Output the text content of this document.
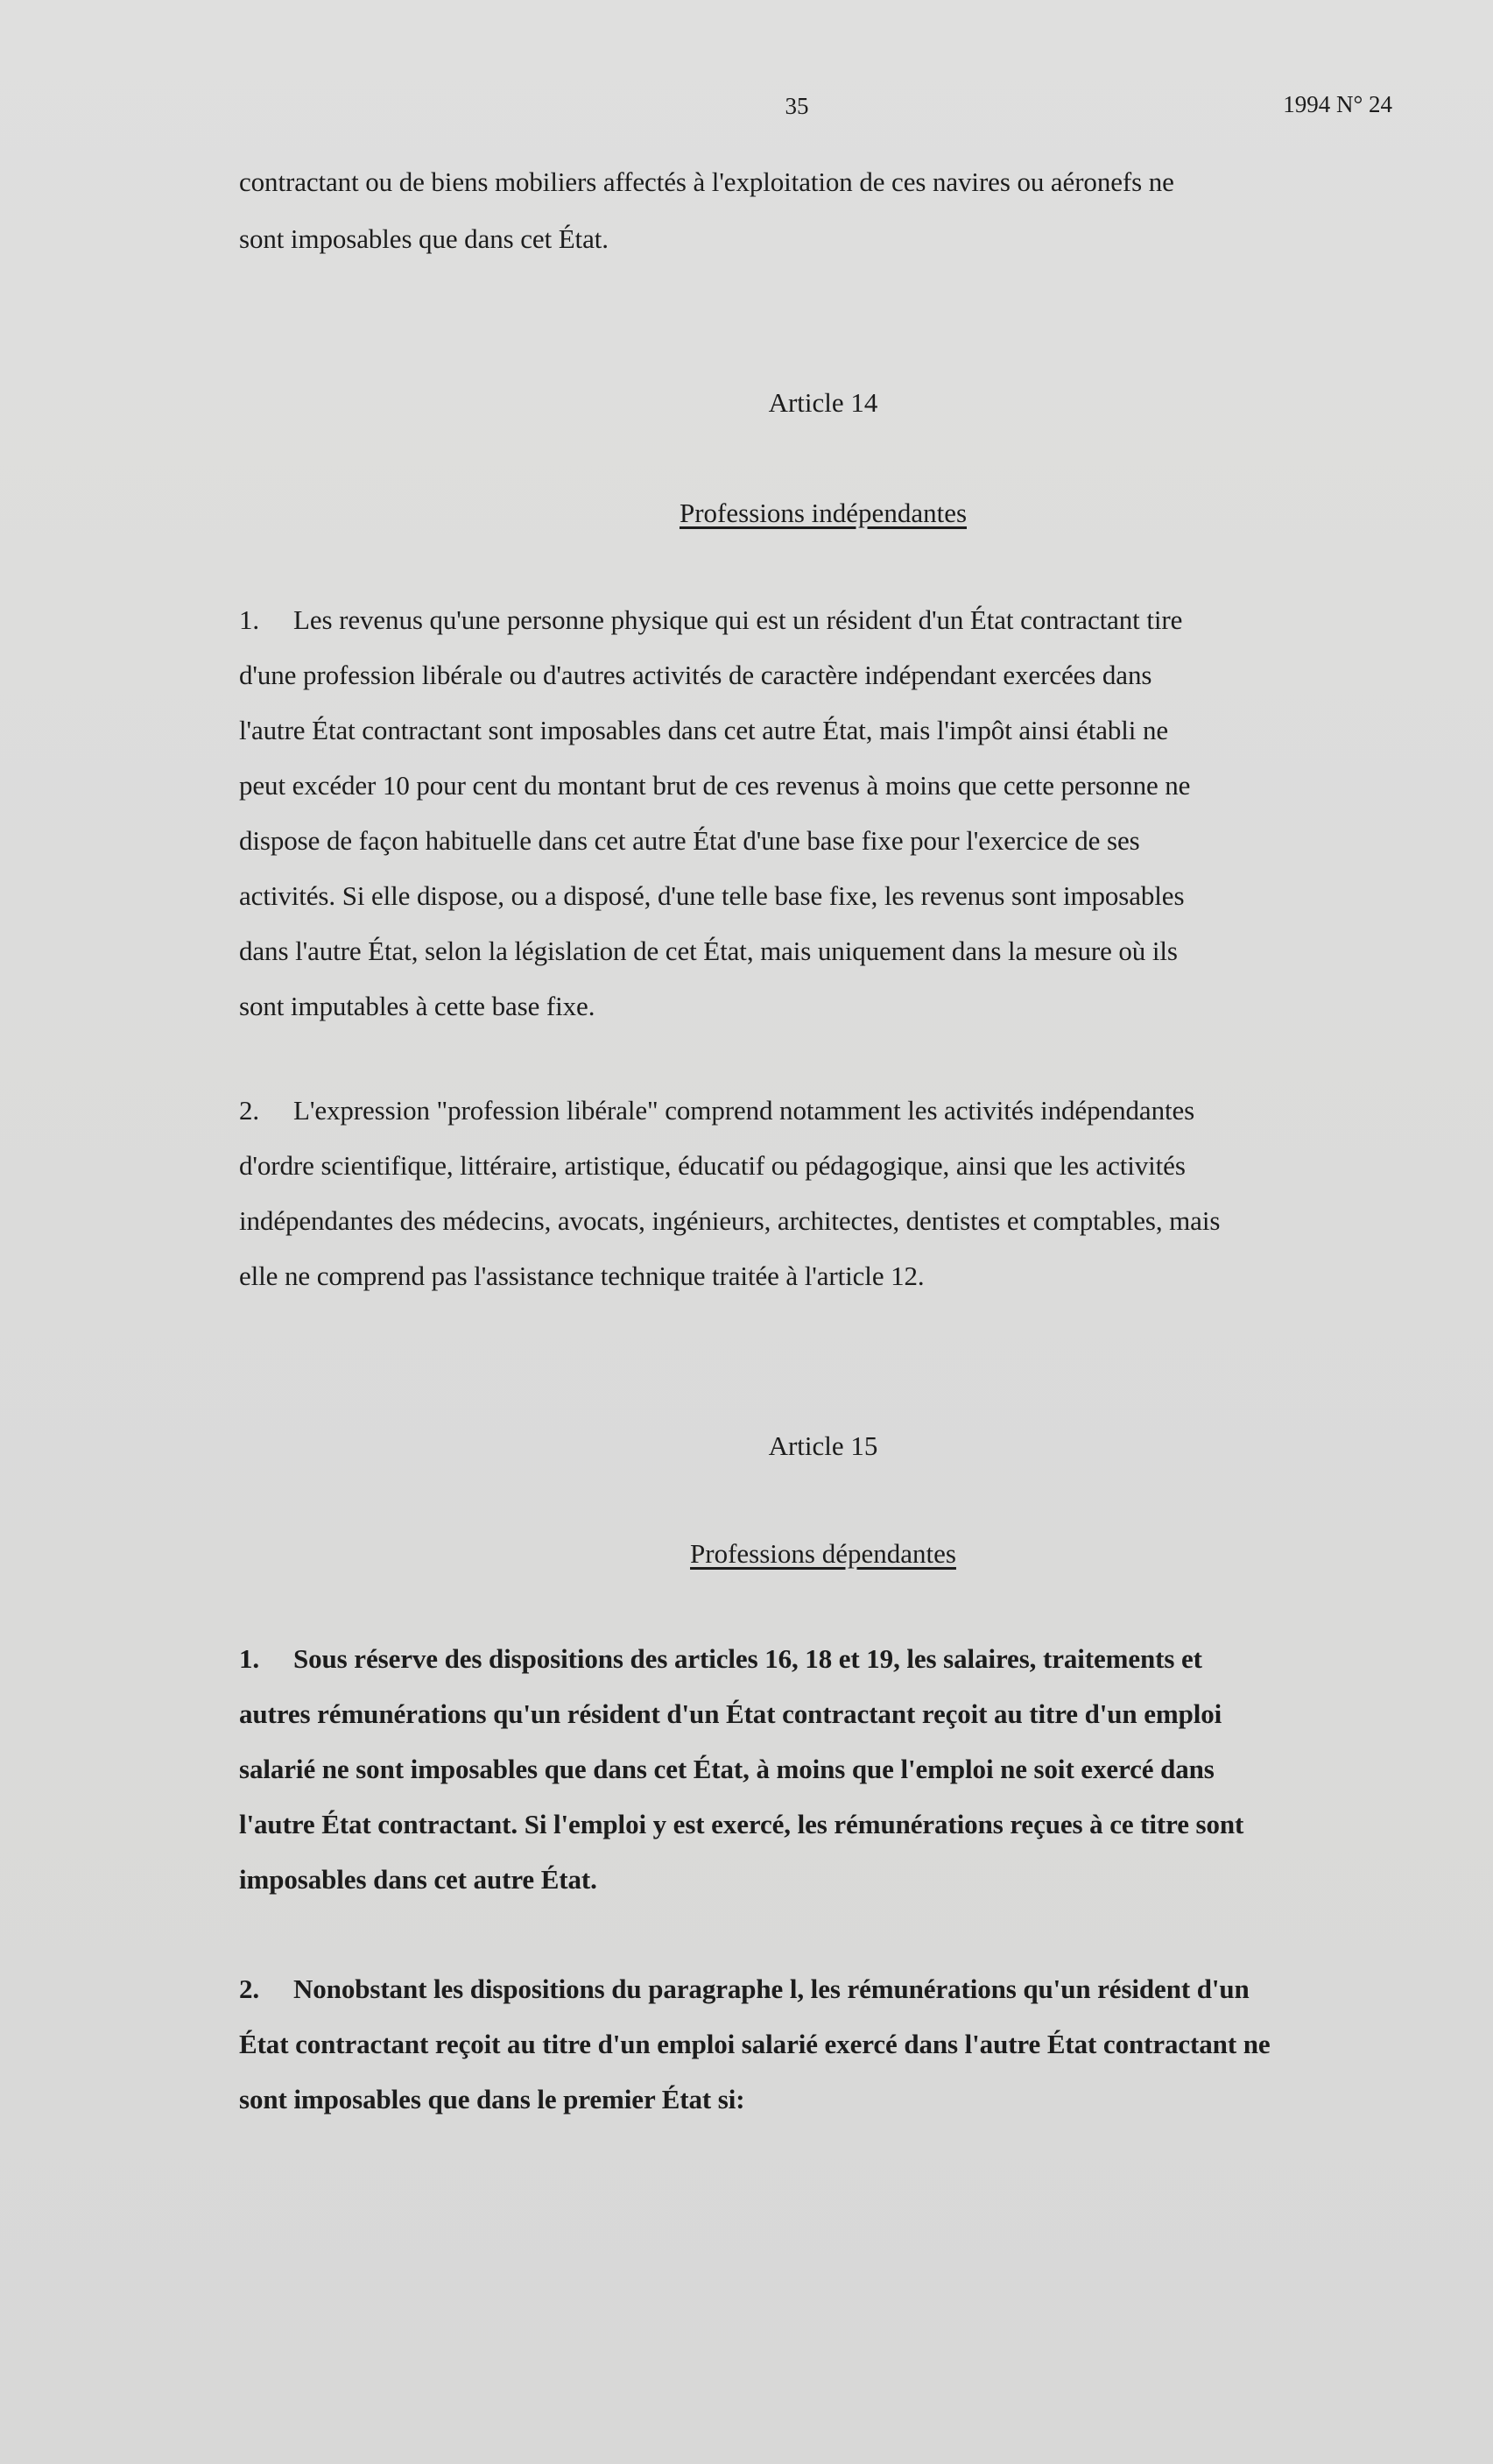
35	1994 N° 24
contractant ou de biens mobiliers affectés à l'exploitation de ces navires ou aéronefs ne
sont imposables que dans cet État.
Article 14
Professions indépendantes
1. Les revenus qu'une personne physique qui est un résident d'un État contractant tire
d'une profession libérale ou d'autres activités de caractère indépendant exercées dans
l'autre État contractant sont imposables dans cet autre État, mais l'impôt ainsi établi ne
peut excéder 10 pour cent du montant brut de ces revenus à moins que cette personne ne
dispose de façon habituelle dans cet autre État d'une base fixe pour l'exercice de ses
activités. Si elle dispose, ou a disposé, d'une telle base fixe, les revenus sont imposables
dans l'autre État, selon la législation de cet État, mais uniquement dans la mesure où ils
sont imputables à cette base fixe.
2. L'expression "profession libérale" comprend notamment les activités indépendantes
d'ordre scientifique, littéraire, artistique, éducatif ou pédagogique, ainsi que les activités
indépendantes des médecins, avocats, ingénieurs, architectes, dentistes et comptables, mais
elle ne comprend pas l'assistance technique traitée à l'article 12.
Article 15
Professions dépendantes
1. Sous réserve des dispositions des articles 16, 18 et 19, les salaires, traitements et
autres rémunérations qu'un résident d'un État contractant reçoit au titre d'un emploi
salarié ne sont imposables que dans cet État, à moins que l'emploi ne soit exercé dans
l'autre État contractant. Si l'emploi y est exercé, les rémunérations reçues à ce titre sont
imposables dans cet autre État.
2. Nonobstant les dispositions du paragraphe l, les rémunérations qu'un résident d'un
État contractant reçoit au titre d'un emploi salarié exercé dans l'autre État contractant ne
sont imposables que dans le premier État si:
